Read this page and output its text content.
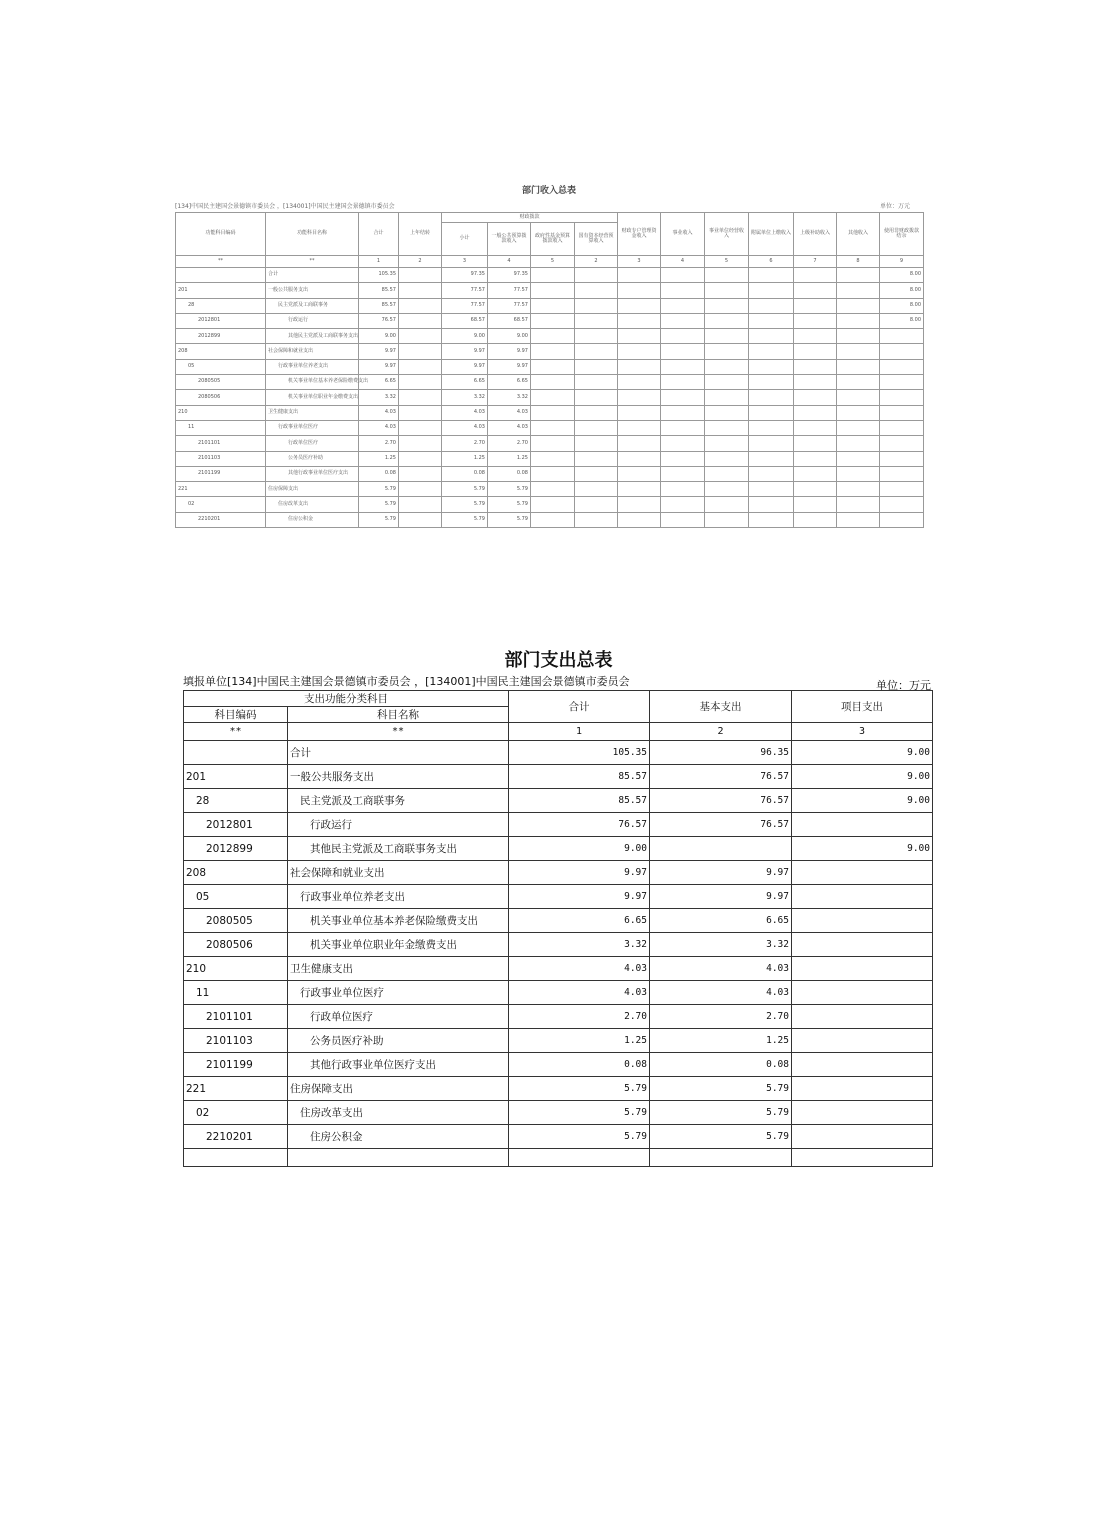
部门收入总表
[134]中国民主建国会景德镇市委员会 ，[134001]中国民主建国会景德镇市委员会	单位：万元
功能科目编码	功能科目名称	合计	上年结转	财政拨款				财政专户管理资金收入	事业收入	事业单位经营收入	附属单位上缴收入	上级补助收入	其他收入	使用非财政拨款结余
				小计	一般公共预算拨款收入	政府性基金预算拨款收入	国有资本经营预算收入							
**	**	1	2	3	4	5	2	3	4	5	6	7	8	9
	合计	105.35		97.35	97.35									8.00
201	一般公共服务支出	85.57		77.57	77.57									8.00
28	民主党派及工商联事务	85.57		77.57	77.57									8.00
2012801	行政运行	76.57		68.57	68.57									8.00
2012899	其他民主党派及工商联事务支出	9.00		9.00	9.00									
208	社会保障和就业支出	9.97		9.97	9.97									
05	行政事业单位养老支出	9.97		9.97	9.97									
2080505	机关事业单位基本养老保险缴费支出	6.65		6.65	6.65									
2080506	机关事业单位职业年金缴费支出	3.32		3.32	3.32									
210	卫生健康支出	4.03		4.03	4.03									
11	行政事业单位医疗	4.03		4.03	4.03									
2101101	行政单位医疗	2.70		2.70	2.70									
2101103	公务员医疗补助	1.25		1.25	1.25									
2101199	其他行政事业单位医疗支出	0.08		0.08	0.08									
221	住房保障支出	5.79		5.79	5.79									
02	住房改革支出	5.79		5.79	5.79									
2210201	住房公积金	5.79		5.79	5.79									
部门支出总表
填报单位[134]中国民主建国会景德镇市委员会 ，[134001]中国民主建国会景德镇市委员会	单位：万元
支出功能分类科目		合计	基本支出	项目支出
科目编码	科目名称			
**	**	1	2	3
	合计	105.35	96.35	9.00
201	一般公共服务支出	85.57	76.57	9.00
28	民主党派及工商联事务	85.57	76.57	9.00
2012801	行政运行	76.57	76.57	
2012899	其他民主党派及工商联事务支出	9.00		9.00
208	社会保障和就业支出	9.97	9.97	
05	行政事业单位养老支出	9.97	9.97	
2080505	机关事业单位基本养老保险缴费支出	6.65	6.65	
2080506	机关事业单位职业年金缴费支出	3.32	3.32	
210	卫生健康支出	4.03	4.03	
11	行政事业单位医疗	4.03	4.03	
2101101	行政单位医疗	2.70	2.70	
2101103	公务员医疗补助	1.25	1.25	
2101199	其他行政事业单位医疗支出	0.08	0.08	
221	住房保障支出	5.79	5.79	
02	住房改革支出	5.79	5.79	
2210201	住房公积金	5.79	5.79	
